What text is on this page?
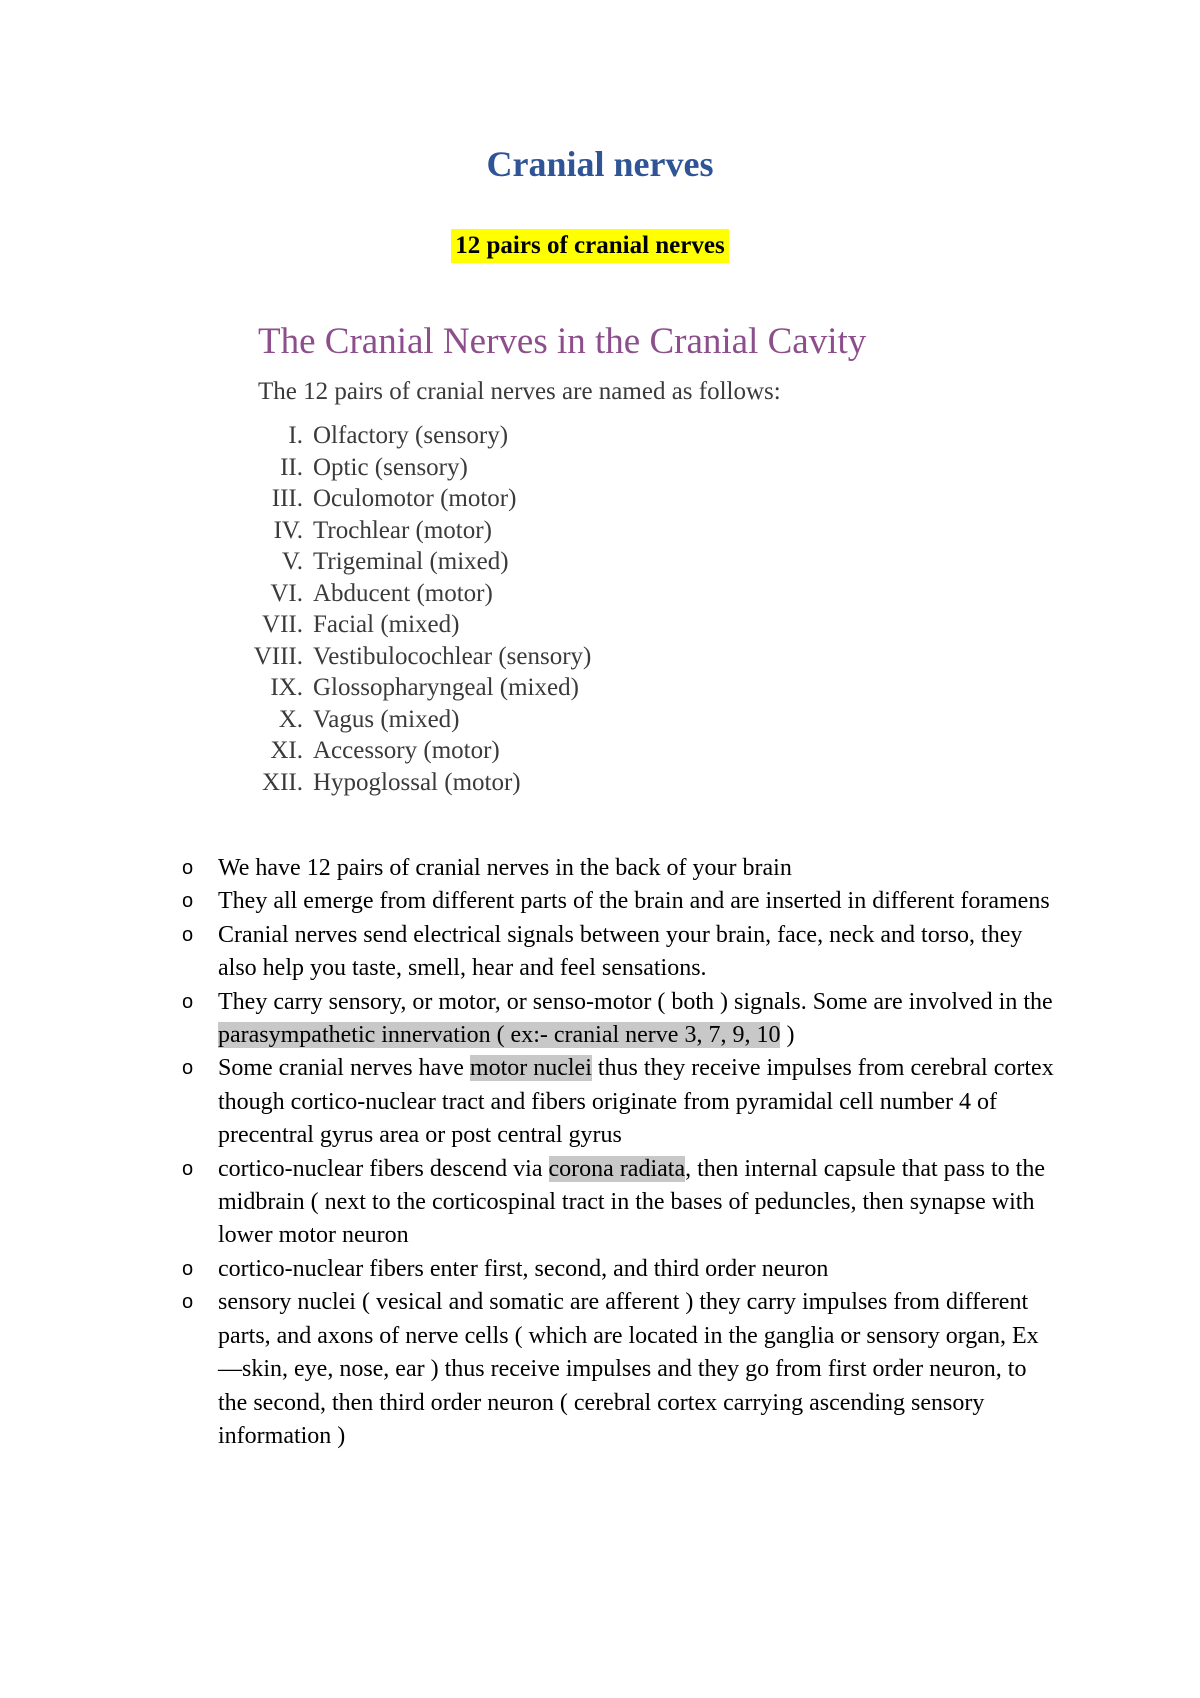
Cranial nerves
12 pairs of cranial nerves
The Cranial Nerves in the Cranial Cavity
The 12 pairs of cranial nerves are named as follows:
I. Olfactory (sensory)
II. Optic (sensory)
III. Oculomotor (motor)
IV. Trochlear (motor)
V. Trigeminal (mixed)
VI. Abducent (motor)
VII. Facial (mixed)
VIII. Vestibulocochlear (sensory)
IX. Glossopharyngeal (mixed)
X. Vagus (mixed)
XI. Accessory (motor)
XII. Hypoglossal (motor)
o We have 12 pairs of cranial nerves in the back of your brain
o They all emerge from different parts of the brain and are inserted in different foramens
o Cranial nerves send electrical signals between your brain, face, neck and torso, they also help you taste, smell, hear and feel sensations.
o They carry sensory, or motor, or senso-motor ( both ) signals. Some are involved in the parasympathetic innervation ( ex:- cranial nerve 3, 7, 9, 10 )
o Some cranial nerves have motor nuclei thus they receive impulses from cerebral cortex though cortico-nuclear tract and fibers originate from pyramidal cell number 4 of precentral gyrus area or post central gyrus
o cortico-nuclear fibers descend via corona radiata, then internal capsule that pass to the midbrain ( next to the corticospinal tract in the bases of peduncles, then synapse with lower motor neuron
o cortico-nuclear fibers enter first, second, and third order neuron
o sensory nuclei ( vesical and somatic are afferent ) they carry impulses from different parts, and axons of nerve cells ( which are located in the ganglia or sensory organ, Ex—skin, eye, nose, ear ) thus receive impulses and they go from first order neuron, to the second, then third order neuron ( cerebral cortex carrying ascending sensory information )
